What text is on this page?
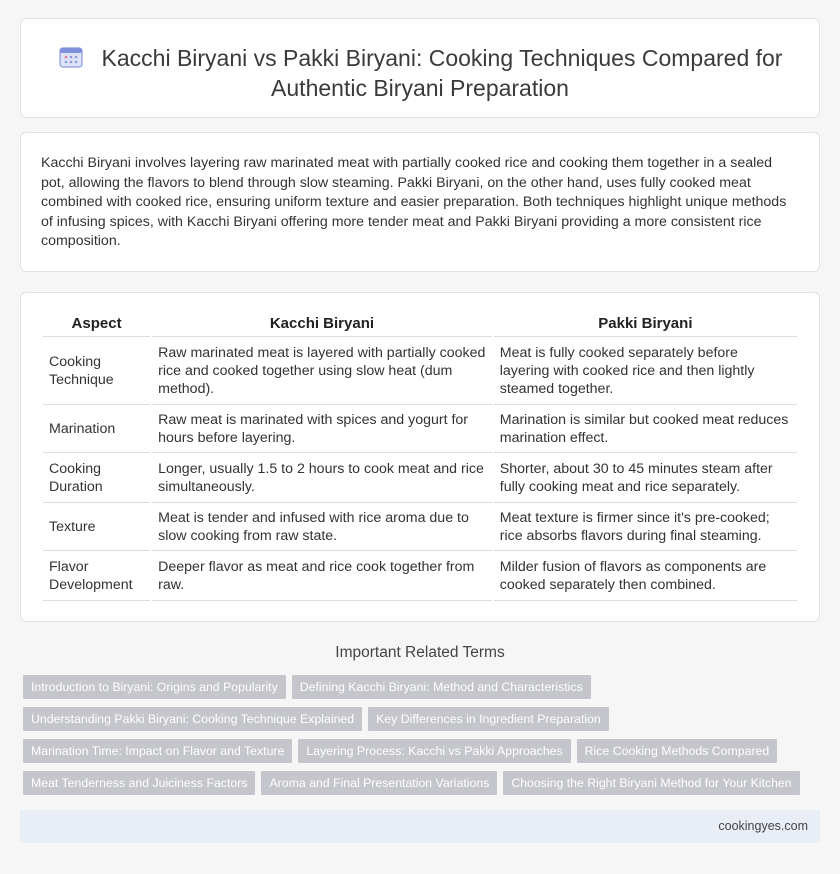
Kacchi Biryani vs Pakki Biryani: Cooking Techniques Compared for Authentic Biryani Preparation

Kacchi Biryani involves layering raw marinated meat with partially cooked rice and cooking them together in a sealed pot, allowing the flavors to blend through slow steaming. Pakki Biryani, on the other hand, uses fully cooked meat combined with cooked rice, ensuring uniform texture and easier preparation. Both techniques highlight unique methods of infusing spices, with Kacchi Biryani offering more tender meat and Pakki Biryani providing a more consistent rice composition.

Aspect	Kacchi Biryani	Pakki Biryani
Cooking Technique	Raw marinated meat is layered with partially cooked rice and cooked together using slow heat (dum method).	Meat is fully cooked separately before layering with cooked rice and then lightly steamed together.
Marination	Raw meat is marinated with spices and yogurt for hours before layering.	Marination is similar but cooked meat reduces marination effect.
Cooking Duration	Longer, usually 1.5 to 2 hours to cook meat and rice simultaneously.	Shorter, about 30 to 45 minutes steam after fully cooking meat and rice separately.
Texture	Meat is tender and infused with rice aroma due to slow cooking from raw state.	Meat texture is firmer since it's pre-cooked; rice absorbs flavors during final steaming.
Flavor Development	Deeper flavor as meat and rice cook together from raw.	Milder fusion of flavors as components are cooked separately then combined.
Important Related Terms
Introduction to Biryani: Origins and Popularity	Defining Kacchi Biryani: Method and Characteristics
Understanding Pakki Biryani: Cooking Technique Explained	Key Differences in Ingredient Preparation
Marination Time: Impact on Flavor and Texture	Layering Process: Kacchi vs Pakki Approaches	Rice Cooking Methods Compared
Meat Tenderness and Juiciness Factors	Aroma and Final Presentation Variations	Choosing the Right Biryani Method for Your Kitchen
cookingyes.com
